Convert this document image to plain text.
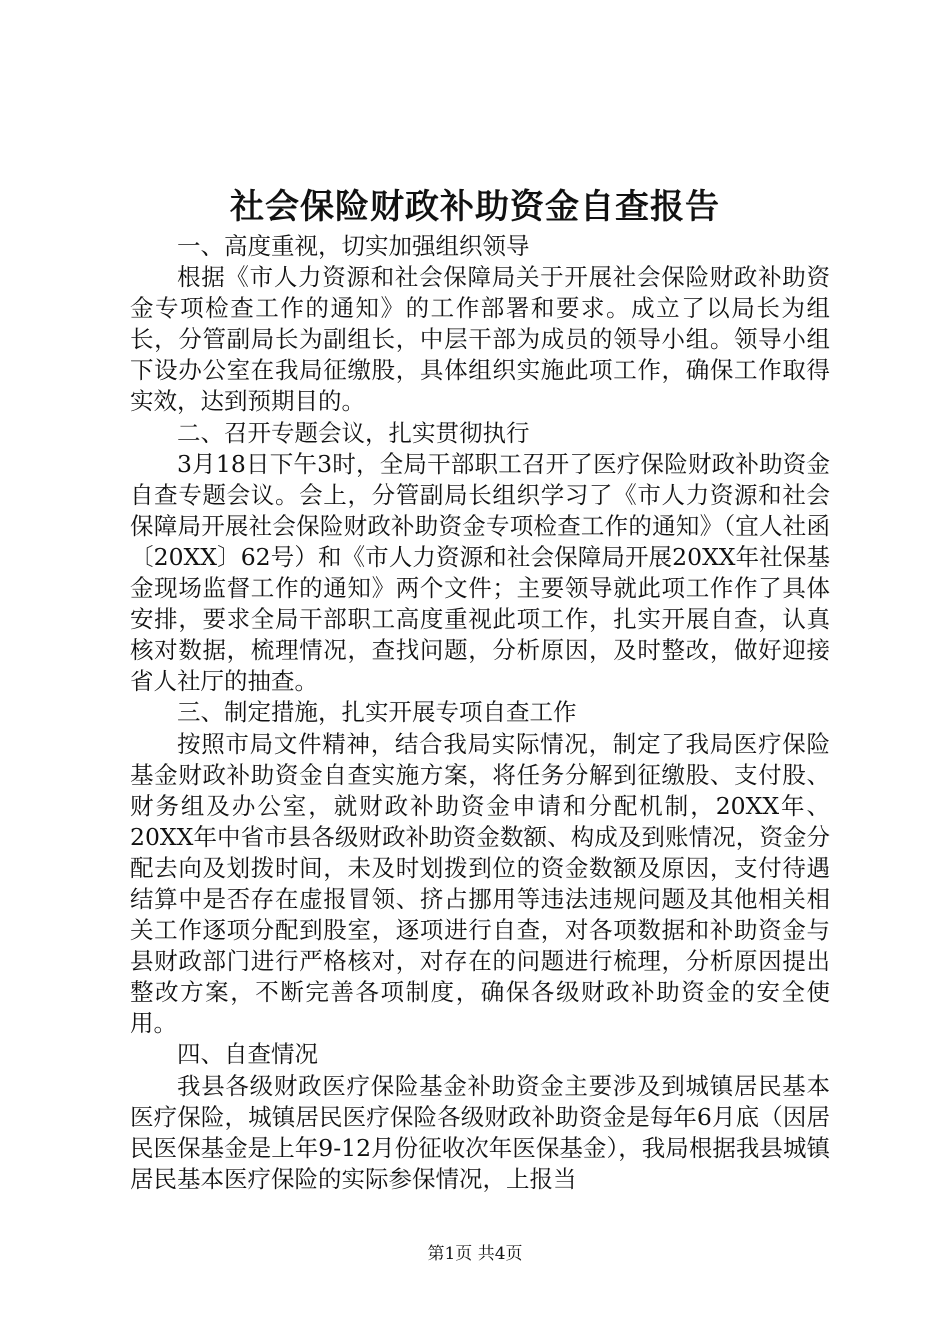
社会保险财政补助资金自查报告

一、高度重视，切实加强组织领导

根据《市人力资源和社会保障局关于开展社会保险财政补助资金专项检查工作的通知》的工作部署和要求。成立了以局长为组长，分管副局长为副组长，中层干部为成员的领导小组。领导小组下设办公室在我局征缴股，具体组织实施此项工作，确保工作取得实效，达到预期目的。

二、召开专题会议，扎实贯彻执行

3月18日下午3时，全局干部职工召开了医疗保险财政补助资金自查专题会议。会上，分管副局长组织学习了《市人力资源和社会保障局开展社会保险财政补助资金专项检查工作的通知》（宜人社函〔20XX〕62号）和《市人力资源和社会保障局开展20XX年社保基金现场监督工作的通知》两个文件；主要领导就此项工作作了具体安排，要求全局干部职工高度重视此项工作，扎实开展自查，认真核对数据，梳理情况，查找问题，分析原因，及时整改，做好迎接省人社厅的抽查。

三、制定措施，扎实开展专项自查工作

按照市局文件精神，结合我局实际情况，制定了我局医疗保险基金财政补助资金自查实施方案，将任务分解到征缴股、支付股、财务组及办公室，就财政补助资金申请和分配机制，20XX年、20XX年中省市县各级财政补助资金数额、构成及到账情况，资金分配去向及划拨时间，未及时划拨到位的资金数额及原因，支付待遇结算中是否存在虚报冒领、挤占挪用等违法违规问题及其他相关相关工作逐项分配到股室，逐项进行自查，对各项数据和补助资金与县财政部门进行严格核对，对存在的问题进行梳理，分析原因提出整改方案，不断完善各项制度，确保各级财政补助资金的安全使用。

四、自查情况

我县各级财政医疗保险基金补助资金主要涉及到城镇居民基本医疗保险，城镇居民医疗保险各级财政补助资金是每年6月底（因居民医保基金是上年9-12月份征收次年医保基金），我局根据我县城镇居民基本医疗保险的实际参保情况，上报当

第1页 共4页
